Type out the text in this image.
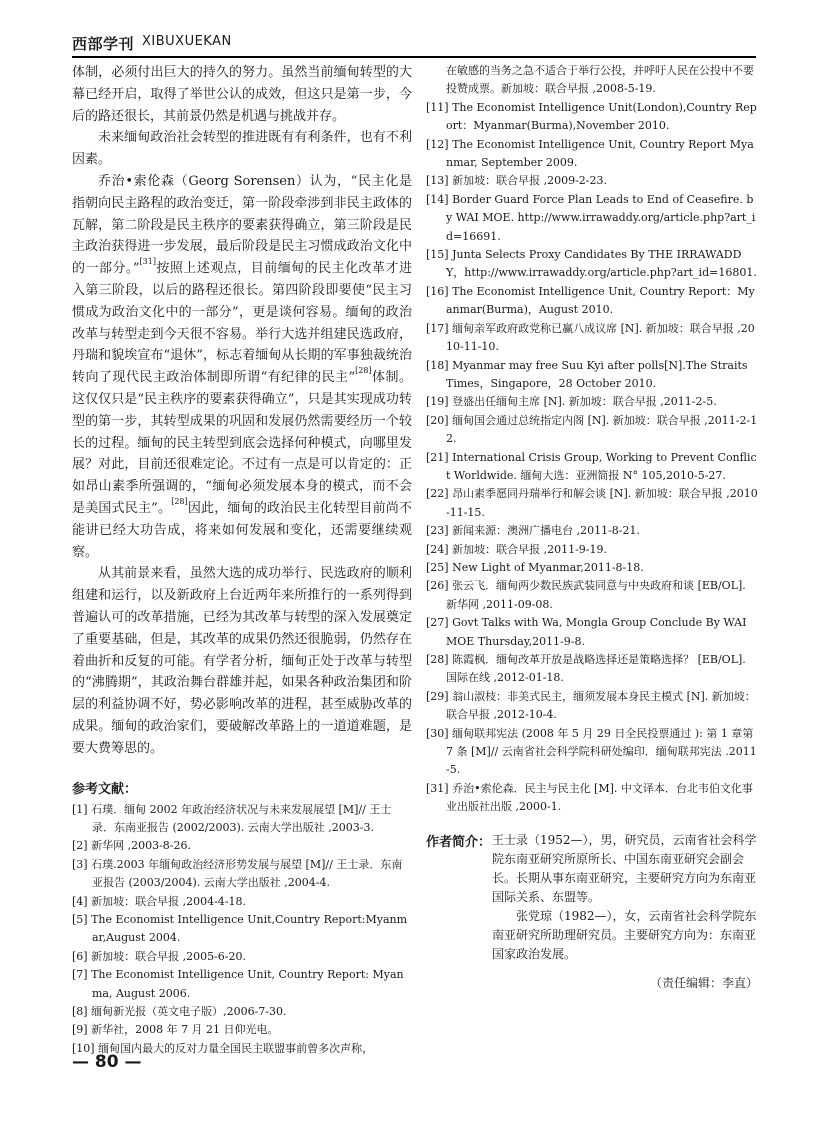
西部学刊 XIBUXUEKAN

体制，必须付出巨大的持久的努力。虽然当前缅甸转型的大幕已经开启，取得了举世公认的成效，但这只是第一步，今后的路还很长，其前景仍然是机遇与挑战并存。

未来缅甸政治社会转型的推进既有有利条件，也有不利因素。

乔治•索伦森（Georg Sorensen）认为，“民主化是指朝向民主路程的政治变迁，第一阶段牵涉到非民主政体的瓦解，第二阶段是民主秩序的要素获得确立，第三阶段是民主政治获得进一步发展，最后阶段是民主习惯成政治文化中的一部分。”[31]按照上述观点，目前缅甸的民主化改革才进入第三阶段，以后的路程还很长。第四阶段即要使“民主习惯成为政治文化中的一部分”，更是谈何容易。缅甸的政治改革与转型走到今天很不容易。举行大选并组建民选政府，丹瑞和貌埃宣布“退休”，标志着缅甸从长期的军事独裁统治转向了现代民主政治体制即所谓“有纪律的民主”[28]体制。这仅仅只是“民主秩序的要素获得确立”，只是其实现成功转型的第一步，其转型成果的巩固和发展仍然需要经历一个较长的过程。缅甸的民主转型到底会选择何种模式，向哪里发展？对此，目前还很难定论。不过有一点是可以肯定的：正如昂山素季所强调的，“缅甸必须发展本身的模式，而不会是美国式民主”。[28]因此，缅甸的政治民主化转型目前尚不能讲已经大功告成，将来如何发展和变化，还需要继续观察。

从其前景来看，虽然大选的成功举行、民选政府的顺利组建和运行，以及新政府上台近两年来所推行的一系列得到普遍认可的改革措施，已经为其改革与转型的深入发展奠定了重要基础，但是，其改革的成果仍然还很脆弱，仍然存在着曲折和反复的可能。有学者分析，缅甸正处于改革与转型的“沸腾期”，其政治舞台群雄并起，如果各种政治集团和阶层的利益协调不好，势必影响改革的进程，甚至威胁改革的成果。缅甸的政治家们，要破解改革路上的一道道难题，是要大费筹思的。

参考文献：

[1] 石璞．缅甸 2002 年政治经济状况与未来发展展望 [M]// 王士录．东南亚报告 (2002/2003). 云南大学出版社 ,2003-3.

[2] 新华网 ,2003-8-26.

[3] 石璞.2003 年缅甸政治经济形势发展与展望 [M]// 王士录．东南亚报告 (2003/2004). 云南大学出版社 ,2004-4.

[4] 新加坡：联合早报 ,2004-4-18.

[5] The Economist Intelligence Unit,Country Report:Myanmar,August 2004.

[6] 新加坡：联合早报 ,2005-6-20.

[7] The Economist Intelligence Unit, Country Report: Myanma, August 2006.

[8] 缅甸新光报（英文电子版）,2006-7-30.

[9] 新华社，2008 年 7 月 21 日仰光电。

[10] 缅甸国内最大的反对力量全国民主联盟事前曾多次声称，

在敏感的当务之急不适合于举行公投，并呼吁人民在公投中不要投赞成票。新加坡：联合早报 ,2008-5-19.

[11] The Economist Intelligence Unit(London),Country Report：Myanmar(Burma),November 2010.

[12] The Economist Intelligence Unit, Country Report Myanmar, September 2009.

[13] 新加坡：联合早报 ,2009-2-23.

[14] Border Guard Force Plan Leads to End of Ceasefire. by WAI MOE. http://www.irrawaddy.org/article.php?art_id=16691.

[15] Junta Selects Proxy Candidates By THE IRRAWADDY，http://www.irrawaddy.org/article.php?art_id=16801.

[16] The Economist Intelligence Unit, Country Report：Myanmar(Burma)，August 2010.

[17] 缅甸亲军政府政党称已赢八成议席 [N]. 新加坡：联合早报 ,2010-11-10.

[18] Myanmar may free Suu Kyi after polls[N].The Straits Times，Singapore，28 October 2010.

[19] 登盛出任缅甸主席 [N]. 新加坡：联合早报 ,2011-2-5.

[20] 缅甸国会通过总统指定内阁 [N]. 新加坡：联合早报 ,2011-2-12.

[21] International Crisis Group, Working to Prevent Conflict Worldwide. 缅甸大选：亚洲简报 N° 105,2010-5-27.

[22] 昂山素季愿同丹瑞举行和解会谈 [N]. 新加坡：联合早报 ,2010-11-15.

[23] 新闻来源：澳洲广播电台 ,2011-8-21.

[24] 新加坡：联合早报 ,2011-9-19.

[25] New Light of Myanmar,2011-8-18.

[26] 张云飞．缅甸两少数民族武装同意与中央政府和谈 [EB/OL]. 新华网 ,2011-09-08.

[27] Govt Talks with Wa, Mongla Group Conclude By WAI MOE Thursday,2011-9-8.

[28] 陈霞枫．缅甸改革开放是战略选择还是策略选择？ [EB/OL]. 国际在线 ,2012-01-18.

[29] 翁山淑枝：非美式民主，缅须发展本身民主模式 [N]. 新加坡：联合早报 ,2012-10-4.

[30] 缅甸联邦宪法 (2008 年 5 月 29 日全民投票通过 ): 第 1 章第 7 条 [M]// 云南省社会科学院科研处编印．缅甸联邦宪法 .2011-5.

[31] 乔治•索伦森．民主与民主化 [M]. 中文译本．台北韦伯文化事业出版社出版 ,2000-1.

作者简介： 王士录（1952—），男，研究员，云南省社会科学院东南亚研究所原所长、中国东南亚研究会副会长。长期从事东南亚研究，主要研究方向为东南亚国际关系、东盟等。

张党琼（1982—），女，云南省社会科学院东南亚研究所助理研究员。主要研究方向为：东南亚国家政治发展。

（责任编辑：李直）
— 80 —
